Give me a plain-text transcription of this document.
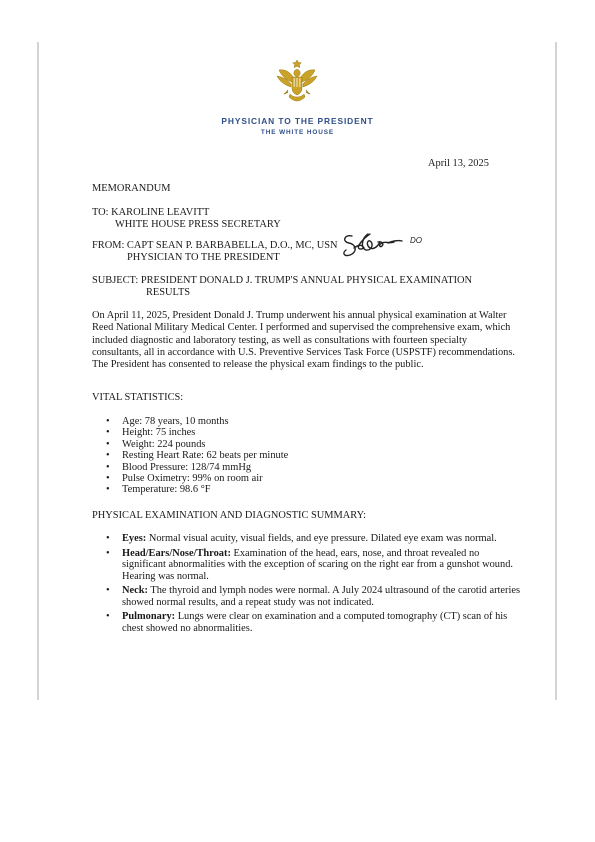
PHYSICIAN TO THE PRESIDENT
THE WHITE HOUSE
April 13, 2025
MEMORANDUM
TO: KAROLINE LEAVITT
WHITE HOUSE PRESS SECRETARY
FROM: CAPT SEAN P. BARBABELLA, D.O., MC, USN
PHYSICIAN TO THE PRESIDENT
DO
SUBJECT: PRESIDENT DONALD J. TRUMP'S ANNUAL PHYSICAL EXAMINATION
RESULTS
On April 11, 2025, President Donald J. Trump underwent his annual physical examination at Walter Reed National Military Medical Center. I performed and supervised the comprehensive exam, which included diagnostic and laboratory testing, as well as consultations with fourteen specialty consultants, all in accordance with U.S. Preventive Services Task Force (USPSTF) recommendations. The President has consented to release the physical exam findings to the public.
VITAL STATISTICS:
• Age: 78 years, 10 months
• Height: 75 inches
• Weight: 224 pounds
• Resting Heart Rate: 62 beats per minute
• Blood Pressure: 128/74 mmHg
• Pulse Oximetry: 99% on room air
• Temperature: 98.6 °F
PHYSICAL EXAMINATION AND DIAGNOSTIC SUMMARY:
• Eyes: Normal visual acuity, visual fields, and eye pressure. Dilated eye exam was normal.
• Head/Ears/Nose/Throat: Examination of the head, ears, nose, and throat revealed no significant abnormalities with the exception of scaring on the right ear from a gunshot wound. Hearing was normal.
• Neck: The thyroid and lymph nodes were normal. A July 2024 ultrasound of the carotid arteries showed normal results, and a repeat study was not indicated.
• Pulmonary: Lungs were clear on examination and a computed tomography (CT) scan of his chest showed no abnormalities.
